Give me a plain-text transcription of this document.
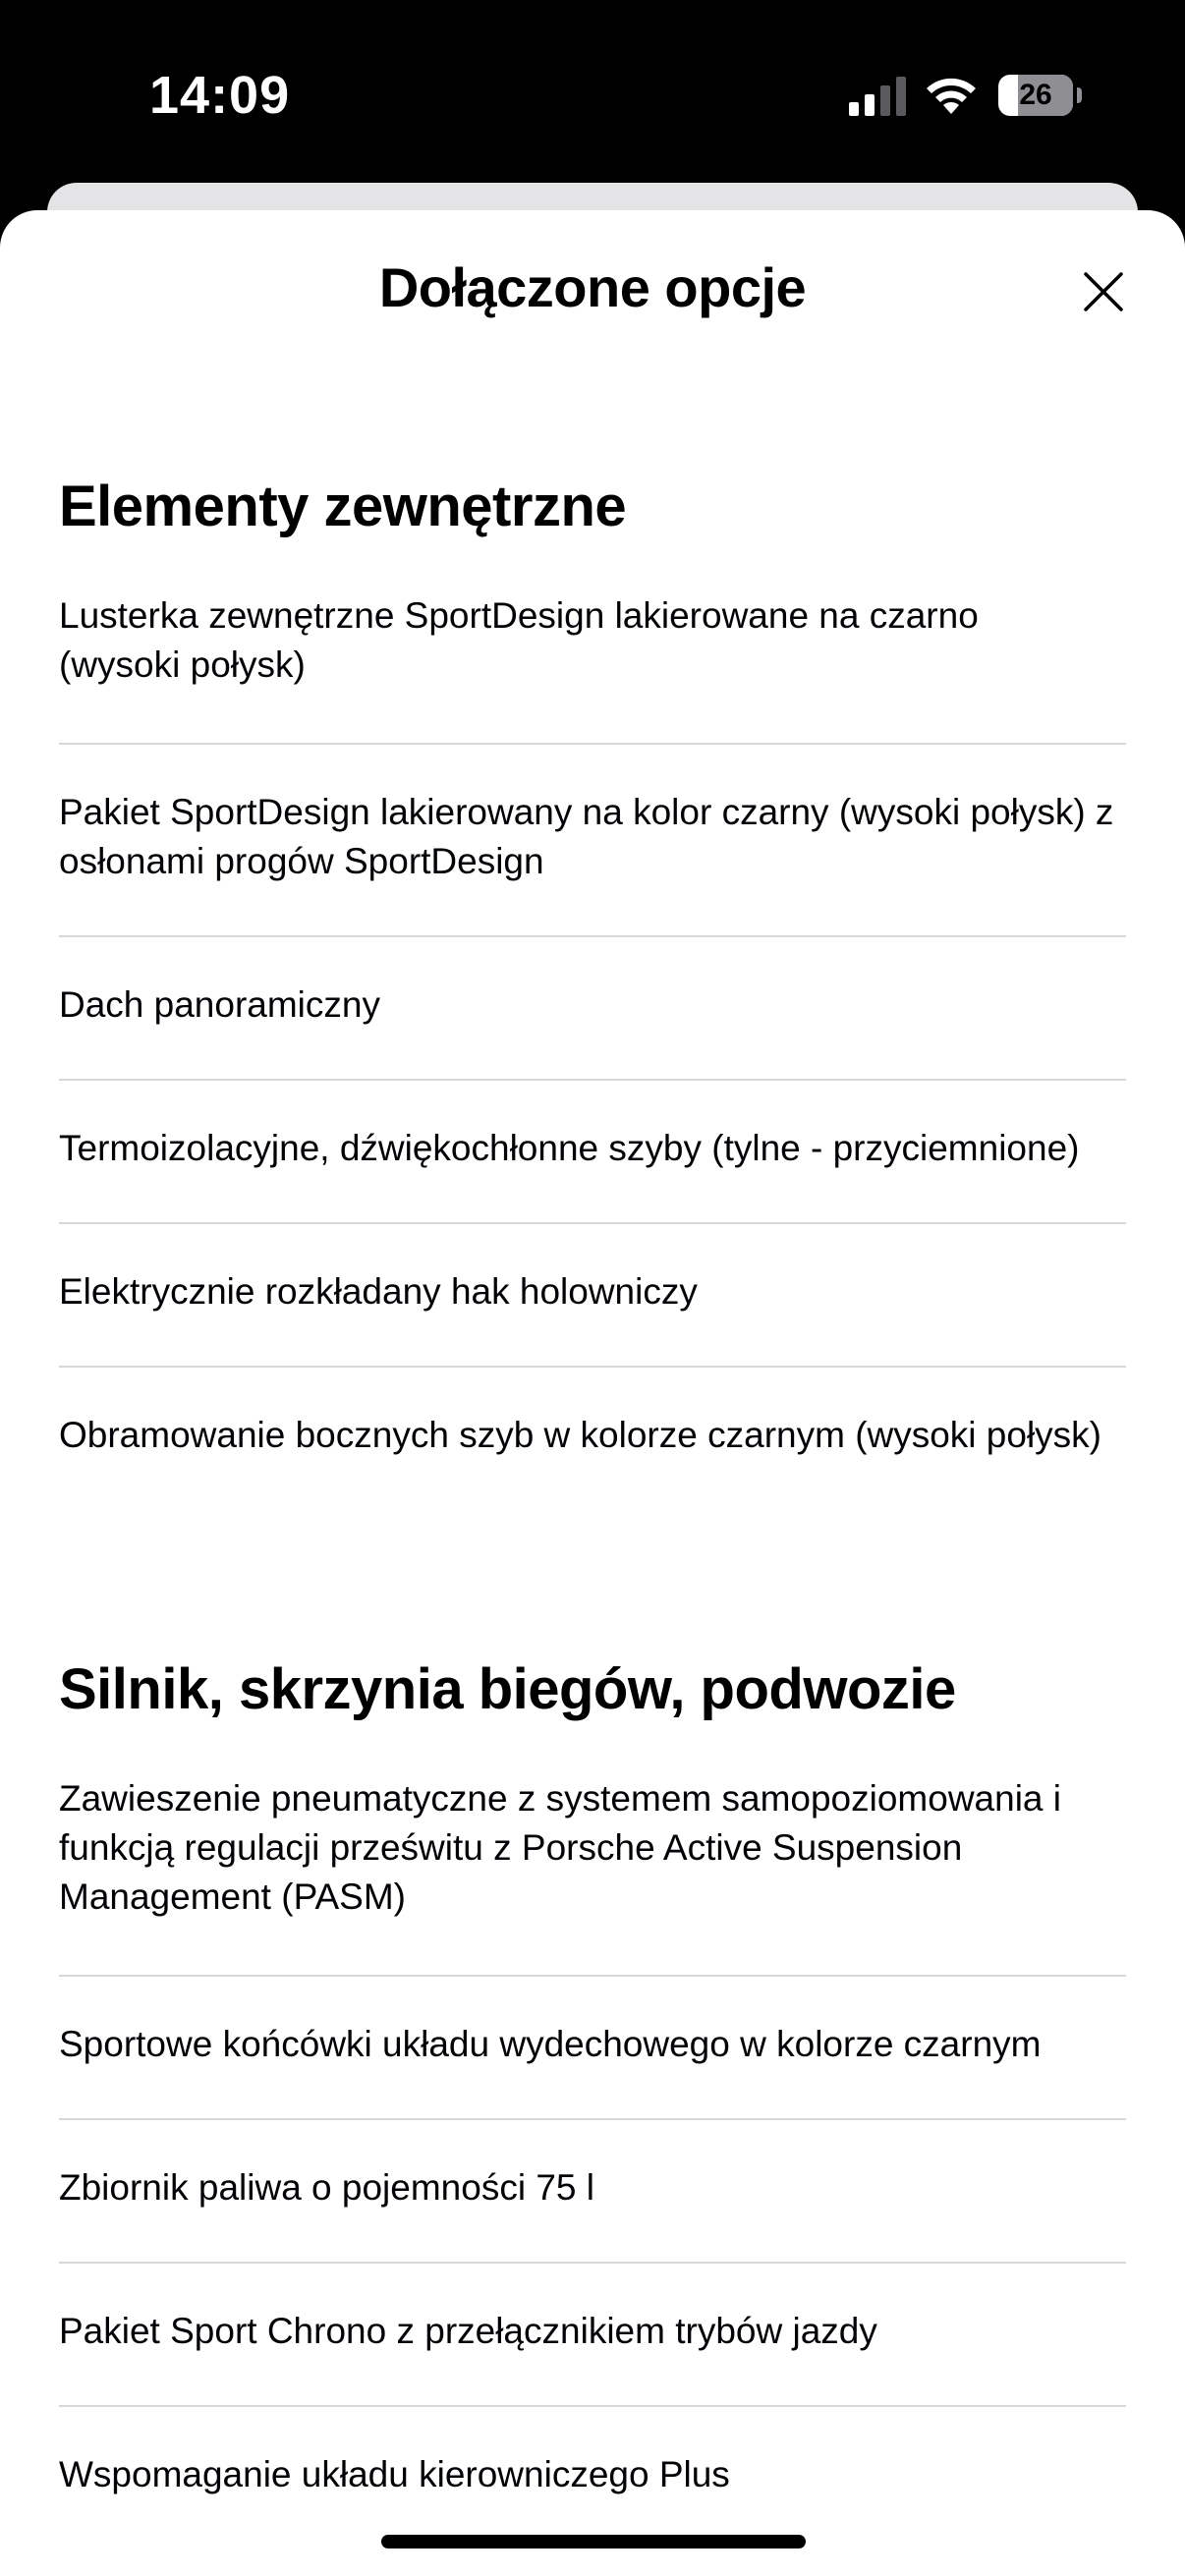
14:09	26
Dołączone opcje
Elementy zewnętrzne
Lusterka zewnętrzne SportDesign lakierowane na czarno
(wysoki połysk)
Pakiet SportDesign lakierowany na kolor czarny (wysoki połysk) z
osłonami progów SportDesign
Dach panoramiczny
Termoizolacyjne, dźwiękochłonne szyby (tylne - przyciemnione)
Elektrycznie rozkładany hak holowniczy
Obramowanie bocznych szyb w kolorze czarnym (wysoki połysk)
Silnik, skrzynia biegów, podwozie
Zawieszenie pneumatyczne z systemem samopoziomowania i
funkcją regulacji prześwitu z Porsche Active Suspension
Management (PASM)
Sportowe końcówki układu wydechowego w kolorze czarnym
Zbiornik paliwa o pojemności 75 l
Pakiet Sport Chrono z przełącznikiem trybów jazdy
Wspomaganie układu kierowniczego Plus
